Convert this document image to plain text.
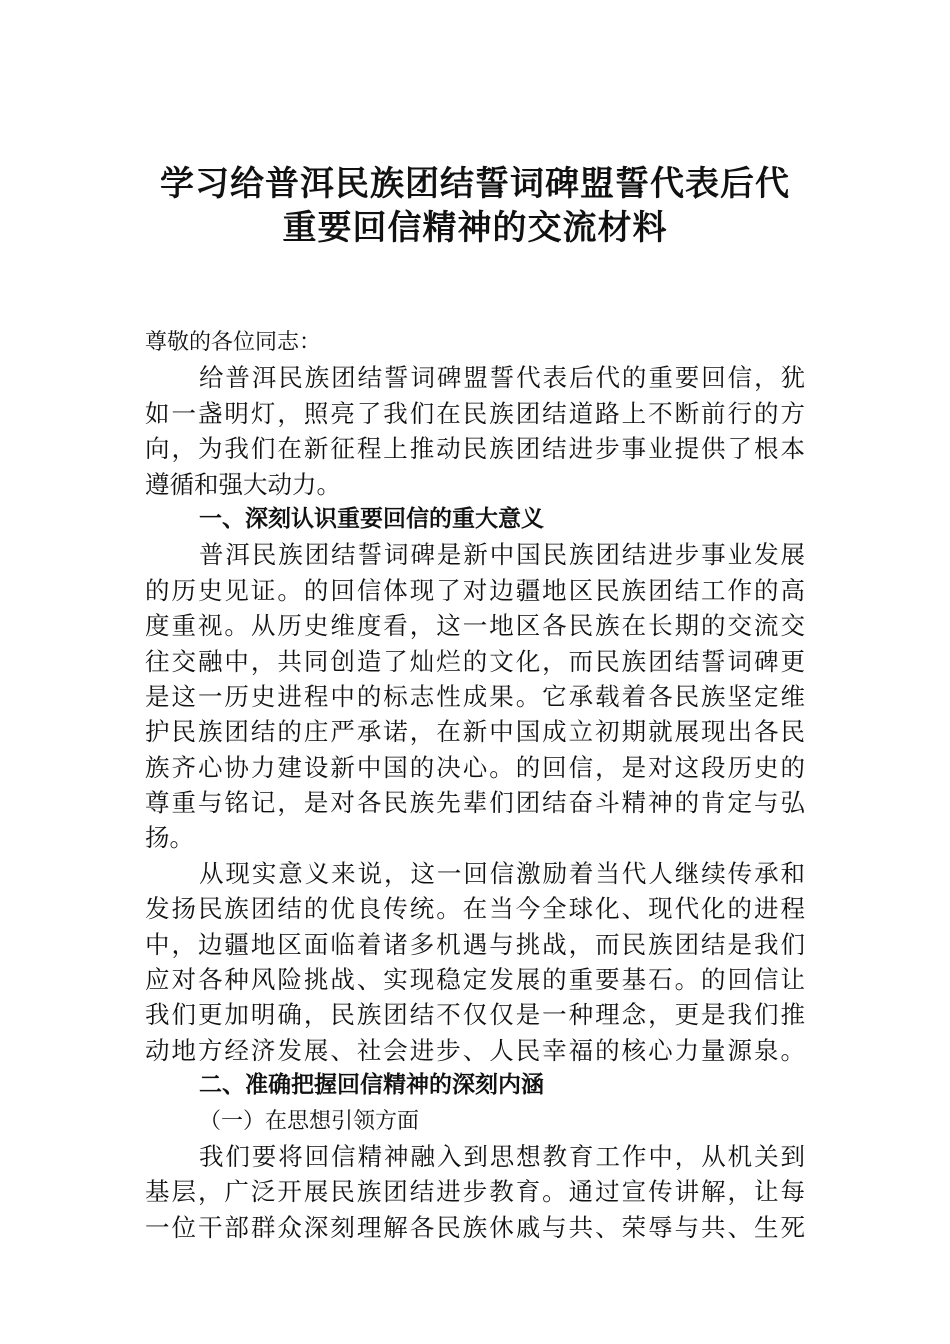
学习给普洱民族团结誓词碑盟誓代表后代
重要回信精神的交流材料
尊敬的各位同志：
给普洱民族团结誓词碑盟誓代表后代的重要回信，犹
如一盏明灯，照亮了我们在民族团结道路上不断前行的方
向，为我们在新征程上推动民族团结进步事业提供了根本
遵循和强大动力。
一、深刻认识重要回信的重大意义
普洱民族团结誓词碑是新中国民族团结进步事业发展
的历史见证。的回信体现了对边疆地区民族团结工作的高
度重视。从历史维度看，这一地区各民族在长期的交流交
往交融中，共同创造了灿烂的文化，而民族团结誓词碑更
是这一历史进程中的标志性成果。它承载着各民族坚定维
护民族团结的庄严承诺，在新中国成立初期就展现出各民
族齐心协力建设新中国的决心。的回信，是对这段历史的
尊重与铭记，是对各民族先辈们团结奋斗精神的肯定与弘
扬。
从现实意义来说，这一回信激励着当代人继续传承和
发扬民族团结的优良传统。在当今全球化、现代化的进程
中，边疆地区面临着诸多机遇与挑战，而民族团结是我们
应对各种风险挑战、实现稳定发展的重要基石。的回信让
我们更加明确，民族团结不仅仅是一种理念，更是我们推
动地方经济发展、社会进步、人民幸福的核心力量源泉。
二、准确把握回信精神的深刻内涵
（一）在思想引领方面
我们要将回信精神融入到思想教育工作中，从机关到
基层，广泛开展民族团结进步教育。通过宣传讲解，让每
一位干部群众深刻理解各民族休戚与共、荣辱与共、生死
